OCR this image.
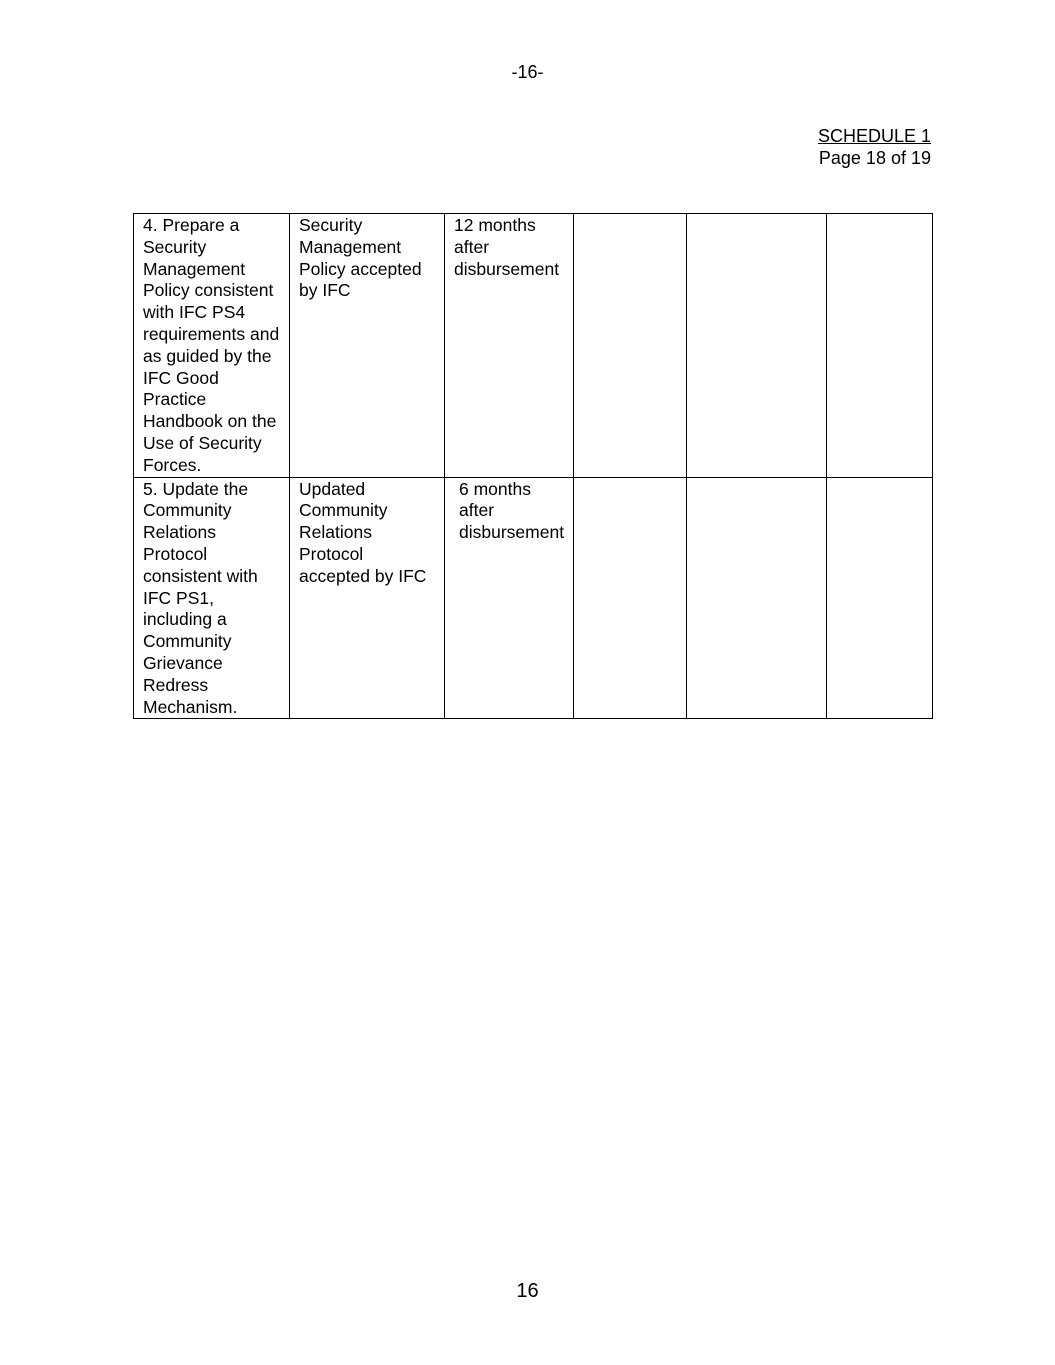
-16-
SCHEDULE 1
Page 18 of 19
4. Prepare a Security Management Policy consistent with IFC PS4 requirements and as guided by the IFC Good Practice Handbook on the Use of Security Forces.	Security Management Policy accepted by IFC	12 months after disbursement			
5. Update the Community Relations Protocol consistent with IFC PS1, including a Community Grievance Redress Mechanism.	Updated Community Relations Protocol accepted by IFC	6 months after disbursement			
16
